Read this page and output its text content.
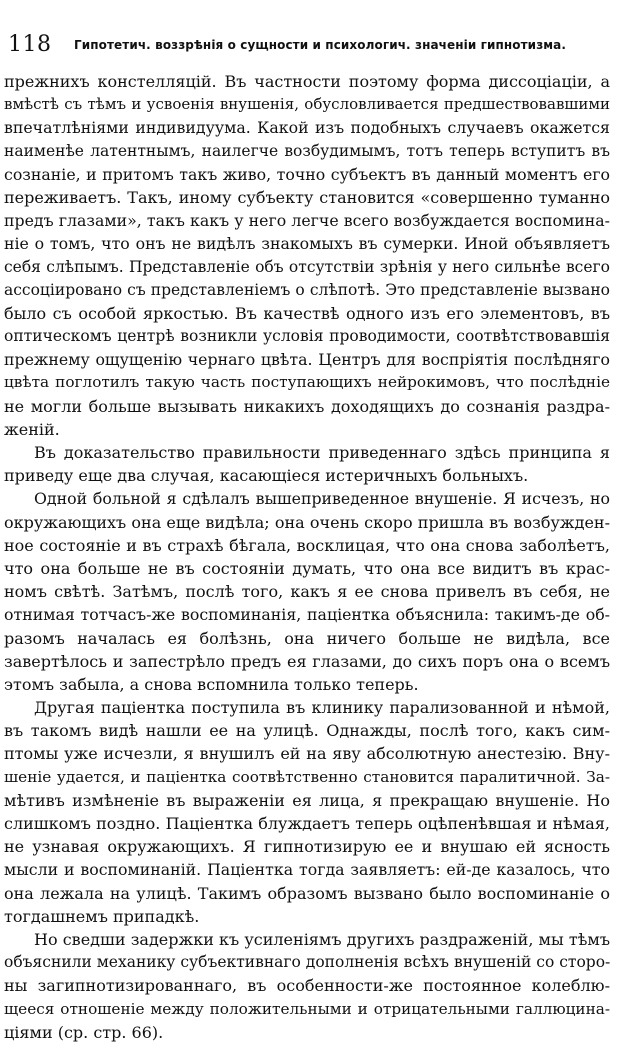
118 Гипотетич. воззрѣнія о сущности и психологич. значеніи гипнотизма.
прежнихъ констелляцій. Въ частности поэтому форма диссоціаціи, а
вмѣстѣ съ тѣмъ и усвоенія внушенія, обусловливается предшествовавшими
впечатлѣніями индивидуума. Какой изъ подобныхъ случаевъ окажется
наименѣе латентнымъ, наилегче возбудимымъ, тотъ теперь вступитъ въ
сознаніе, и притомъ такъ живо, точно субъектъ въ данный моментъ его
переживаетъ. Такъ, иному субъекту становится «совершенно туманно
предъ глазами», такъ какъ у него легче всего возбуждается воспомина-
ніе о томъ, что онъ не видѣлъ знакомыхъ въ сумерки. Иной объявляетъ
себя слѣпымъ. Представленіе объ отсутствіи зрѣнія у него сильнѣе всего
ассоціировано съ представленіемъ о слѣпотѣ. Это представленіе вызвано
было съ особой яркостью. Въ качествѣ одного изъ его элементовъ, въ
оптическомъ центрѣ возникли условія проводимости, соотвѣтствовавшія
прежнему ощущенію чернаго цвѣта. Центръ для воспріятія послѣдняго
цвѣта поглотилъ такую часть поступающихъ нейрокимовъ, что послѣдніе
не могли больше вызывать никакихъ доходящихъ до сознанія раздра-
женій.
Въ доказательство правильности приведеннаго здѣсь принципа я
приведу еще два случая, касающіеся истеричныхъ больныхъ.
Одной больной я сдѣлалъ вышеприведенное внушеніе. Я исчезъ, но
окружающихъ она еще видѣла; она очень скоро пришла въ возбужден-
ное состояніе и въ страхѣ бѣгала, восклицая, что она снова заболѣетъ,
что она больше не въ состояніи думать, что она все видитъ въ крас-
номъ свѣтѣ. Затѣмъ, послѣ того, какъ я ее снова привелъ въ себя, не
отнимая тотчасъ-же воспоминанія, паціентка объяснила: такимъ-де об-
разомъ началась ея болѣзнь, она ничего больше не видѣла, все
завертѣлось и запестрѣло предъ ея глазами, до сихъ поръ она о всемъ
этомъ забыла, а снова вспомнила только теперь.
Другая паціентка поступила въ клинику парализованной и нѣмой,
въ такомъ видѣ нашли ее на улицѣ. Однажды, послѣ того, какъ сим-
птомы уже исчезли, я внушилъ ей на яву абсолютную анестезію. Вну-
шеніе удается, и паціентка соотвѣтственно становится паралитичной. За-
мѣтивъ измѣненіе въ выраженіи ея лица, я прекращаю внушеніе. Но
слишкомъ поздно. Паціентка блуждаетъ теперь оцѣпенѣвшая и нѣмая,
не узнавая окружающихъ. Я гипнотизирую ее и внушаю ей ясность
мысли и воспоминаній. Паціентка тогда заявляетъ: ей-де казалось, что
она лежала на улицѣ. Такимъ образомъ вызвано было воспоминаніе о
тогдашнемъ припадкѣ.
Но сведши задержки къ усиленіямъ другихъ раздраженій, мы тѣмъ
объяснили механику субъективнаго дополненія всѣхъ внушеній со сторо-
ны загипнотизированнаго, въ особенности-же постоянное колеблю-
щееся отношеніе между положительными и отрицательными галлюцина-
ціями (ср. стр. 66).
